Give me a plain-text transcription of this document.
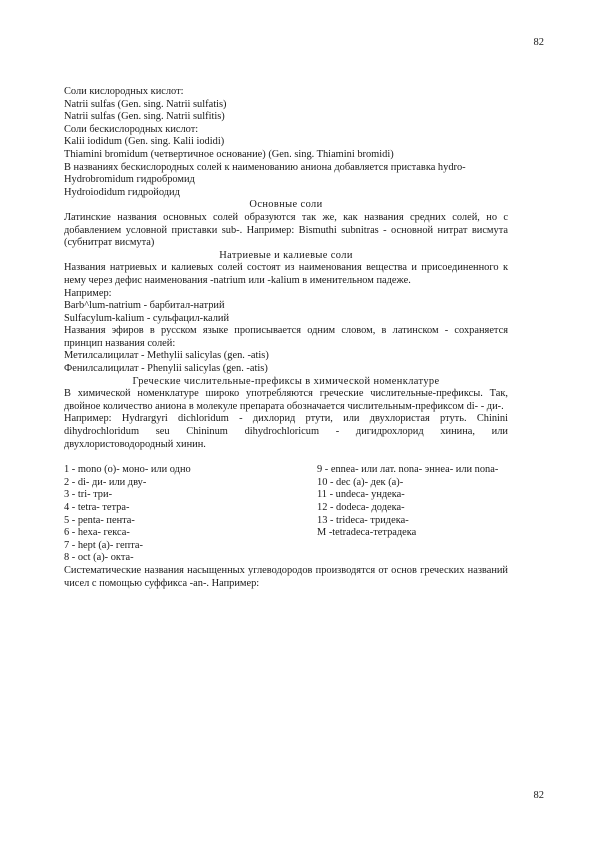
82

Соли кислородных кислот:

Natrii sulfas (Gen. sing. Natrii sulfatis)

Natrii sulfas (Gen. sing. Natrii sulfitis)

Соли бескислородных кислот:

Kalii iodidum (Gen. sing. Kalii iodidi)

Thiamini bromidum (четвертичное основание) (Gen. sing. Thiamini bromidi)

В названиях бескислородных солей к наименованию аниона добавляется приставка hydro-

Hydrobromidum гидробромид

Hydroiodidum гидройодид

Основные соли

Латинские названия основных солей образуются так же, как названия средних солей, но с добавлением условной приставки sub-. Например: Bismuthi subnitras - основной нитрат висмута (субнитрат висмута)

Натриевые и калиевые соли

Названия натриевых и калиевых солей состоят из наименования вещества и присоединенного к нему через дефис наименования -natrium или -kalium в именительном падеже.

Например:

Barb^lum-natrium - барбитал-натрий

Sulfacylum-kalium - сульфацил-калий

Названия эфиров в русском языке прописывается одним словом, в латинском - сохраняется принцип названия солей:

Метилсалицилат - Methylii salicylas (gen. -atis)

Фенилсалицилат - Phenylii salicylas (gen. -atis)

Греческие числительные-префиксы в химической номенклатуре

В химической номенклатуре широко употребляются греческие числительные-префиксы. Так, двойное количество аниона в молекуле препарата обозначается числительным-префиксом di- - ди-.

Например: Hydrargyri dichloridum - дихлорид ртути, или двухлористая ртуть. Chinini dihydrochloridum seu Chininum dihydrochloricum - дигидрохлорид хинина, или двухлористоводородный хинин.

1 - mono (o)- моно- или одно

2 - di- ди- или дву-

3 - tri- три-

4 - tetra- тетра-

5 - penta- пента-

6 - hexa- гекса-

7 - hept (a)- гепта-

8 - oct (a)- окта-

9 - ennea- или лат. nona- эннеа- или nona-

10 - dec (a)- дек (a)-

11 - undeca- ундека-

12 - dodeca- додека-

13 - trideca- тридека-

M -tetradeca-тетрадека

Систематические названия насыщенных углеводородов производятся от основ греческих названий чисел с помощью суффикса -an-. Например:

82
